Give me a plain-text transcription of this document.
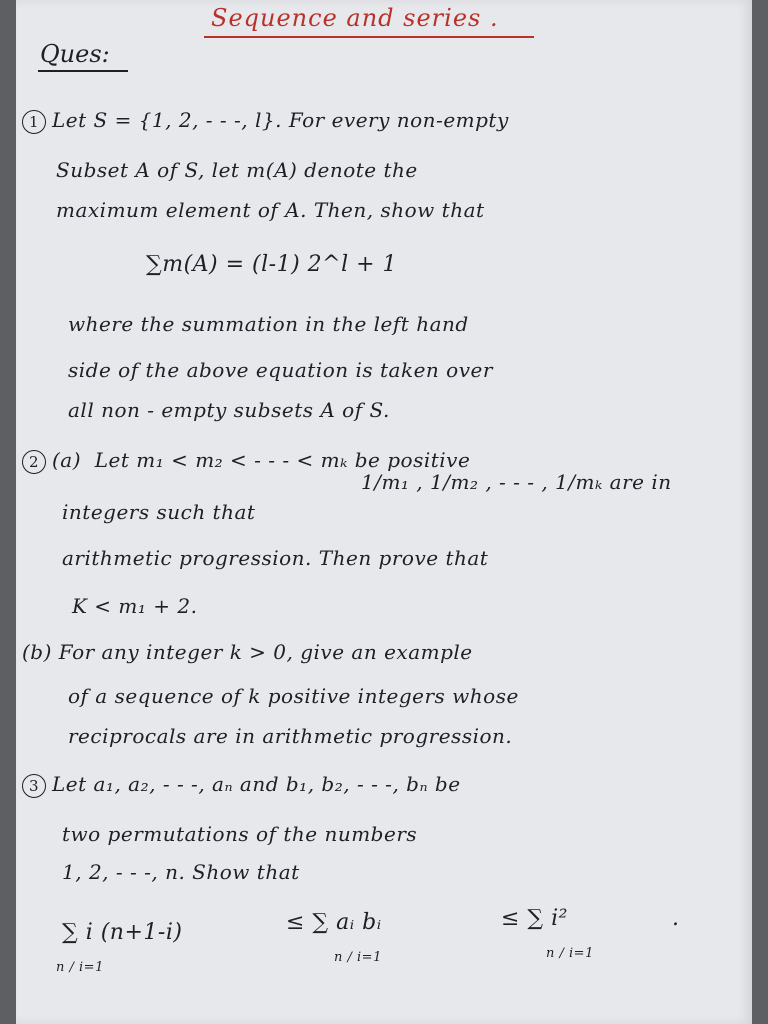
Sequence and series .
Ques:
1 Let S = {1, 2, - - -, l}. For every non-empty
Subset A of S, let m(A) denote the
maximum element of A. Then, show that
∑m(A) = (l-1) 2^l + 1
where the summation in the left hand
side of the above equation is taken over
all non - empty subsets A of S.
2 (a) Let m₁ < m₂ < - - - < mₖ be positive
1/m₁ , 1/m₂ , - - - , 1/mₖ are in
integers such that
arithmetic progression. Then prove that
K < m₁ + 2.
(b) For any integer k > 0, give an example
of a sequence of k positive integers whose
reciprocals are in arithmetic progression.
3 Let a₁, a₂, - - -, aₙ and b₁, b₂, - - -, bₙ be
two permutations of the numbers
1, 2, - - -, n. Show that
∑ i (n+1-i)
n / i=1
≤ ∑ aᵢ bᵢ
n / i=1
≤ ∑ i²
n / i=1
.
